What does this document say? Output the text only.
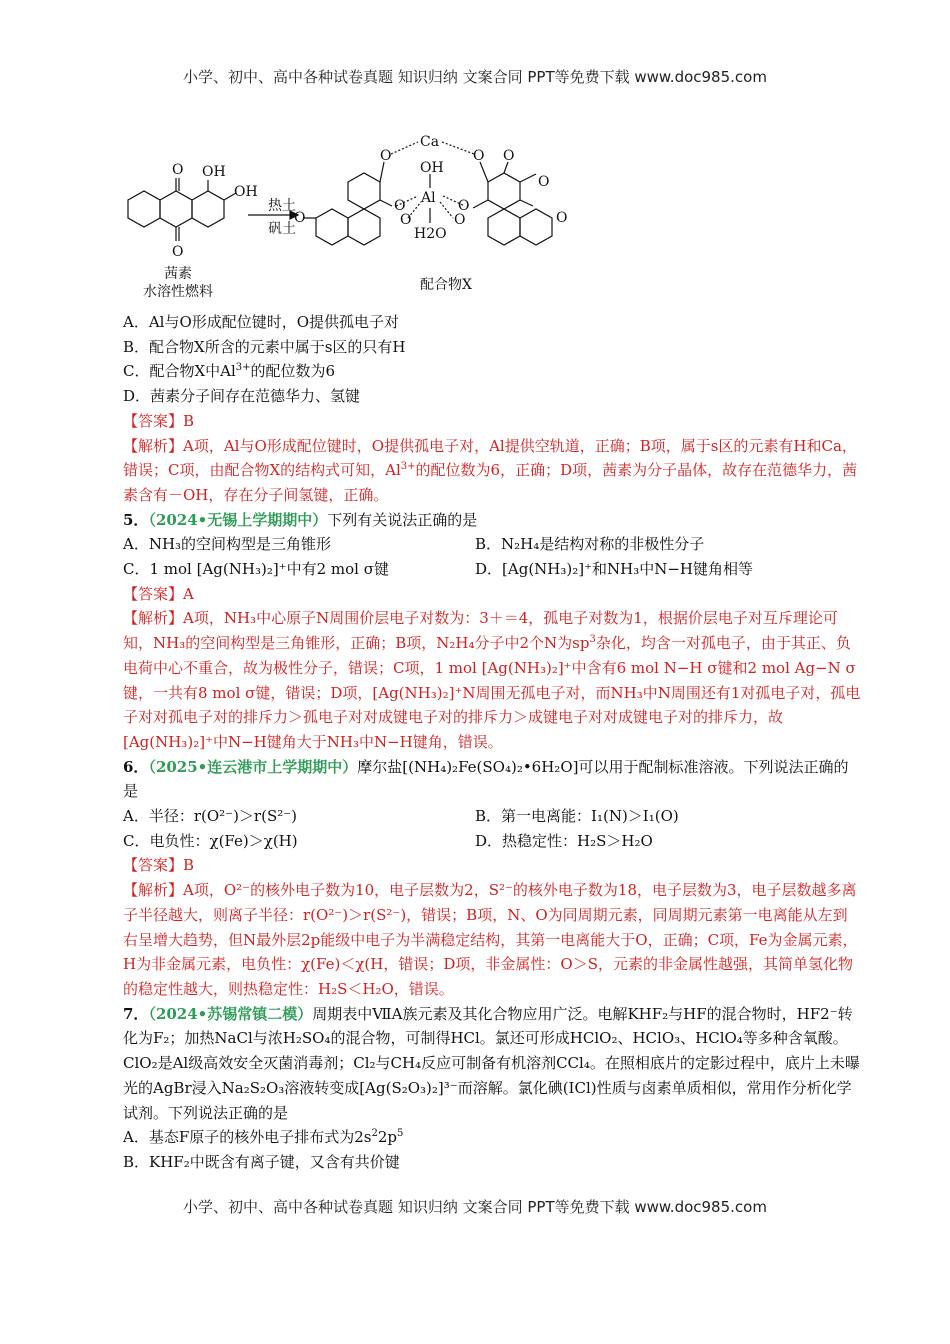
小学、初中、高中各种试卷真题 知识归纳 文案合同 PPT等免费下载 www.doc985.com
O
O
OH
OH
O
O
O
O
Ca
OH
Al
H2O
O
O
O O
O
O
热土
矾土
茜素
水溶性燃料	配合物X

A．Al与O形成配位键时，O提供孤电子对

B．配合物X所含的元素中属于s区的只有H

C．配合物X中$Al^{3+}$的配位数为6

D．茜素分子间存在范德华力、氢键

【答案】B

【解析】A项，Al与O形成配位键时，O提供孤电子对，Al提供空轨道，正确；B项，属于s区的元素有H和Ca，错误；C项，由配合物X的结构式可知，$Al^{3+}$的配位数为6，正确；D项，茜素为分子晶体，故存在范德华力，茜素含有－OH，存在分子间氢键，正确。

5．（2024•无锡上学期期中）下列有关说法正确的是

A．NH₃的空间构型是三角锥形	B．N₂H₄是结构对称的非极性分子
C．1 mol [Ag(NH₃)₂]⁺中有2 mol σ键	D．[Ag(NH₃)₂]⁺和NH₃中N−H键角相等

【答案】A

【解析】A项，NH₃中心原子N周围价层电子对数为：3＋＝4，孤电子对数为1，根据价层电子对互斥理论可知，NH₃的空间构型是三角锥形，正确；B项，N₂H₄分子中2个N为$sp^3$杂化，均含一对孤电子，由于其正、负电荷中心不重合，故为极性分子，错误；C项，1 mol [Ag(NH₃)₂]⁺中含有6 mol N−H σ键和2 mol Ag−N σ键，一共有8 mol σ键，错误；D项，[Ag(NH₃)₂]⁺N周围无孤电子对，而NH₃中N周围还有1对孤电子对，孤电子对对孤电子对的排斥力＞孤电子对对成键电子对的排斥力＞成键电子对对成键电子对的排斥力，故[Ag(NH₃)₂]⁺中N−H键角大于NH₃中N−H键角，错误。

6．（2025•连云港市上学期期中）摩尔盐[(NH₄)₂Fe(SO₄)₂•6H₂O]可以用于配制标准溶液。下列说法正确的是

A．半径：r(O²⁻)＞r(S²⁻)	B．第一电离能：I₁(N)＞I₁(O)
C．电负性：χ(Fe)＞χ(H)	D．热稳定性：H₂S＞H₂O

【答案】B

【解析】A项，O²⁻的核外电子数为10，电子层数为2，S²⁻的核外电子数为18，电子层数为3，电子层数越多离子半径越大，则离子半径：r(O²⁻)＞r(S²⁻)，错误；B项，N、O为同周期元素，同周期元素第一电离能从左到右呈增大趋势，但N最外层2p能级中电子为半满稳定结构，其第一电离能大于O，正确；C项，Fe为金属元素，H为非金属元素，电负性：χ(Fe)＜χ(H，错误；D项，非金属性：O＞S，元素的非金属性越强，其简单氢化物的稳定性越大，则热稳定性：H₂S＜H₂O，错误。

7．（2024•苏锡常镇二模）周期表中ⅦA族元素及其化合物应用广泛。电解KHF₂与HF的混合物时，HF2⁻转化为F₂；加热NaCl与浓H₂SO₄的混合物，可制得HCl。氯还可形成HClO₂、HClO₃、HClO₄等多种含氧酸。ClO₂是Al级高效安全灭菌消毒剂；Cl₂与CH₄反应可制备有机溶剂CCl₄。在照相底片的定影过程中，底片上未曝光的AgBr浸入Na₂S₂O₃溶液转变成[Ag(S₂O₃)₂]³⁻而溶解。氯化碘(ICl)性质与卤素单质相似，常用作分析化学试剂。下列说法正确的是

A．基态F原子的核外电子排布式为$2s^22p^5$

B．KHF₂中既含有离子键，又含有共价键

小学、初中、高中各种试卷真题 知识归纳 文案合同 PPT等免费下载 www.doc985.com
